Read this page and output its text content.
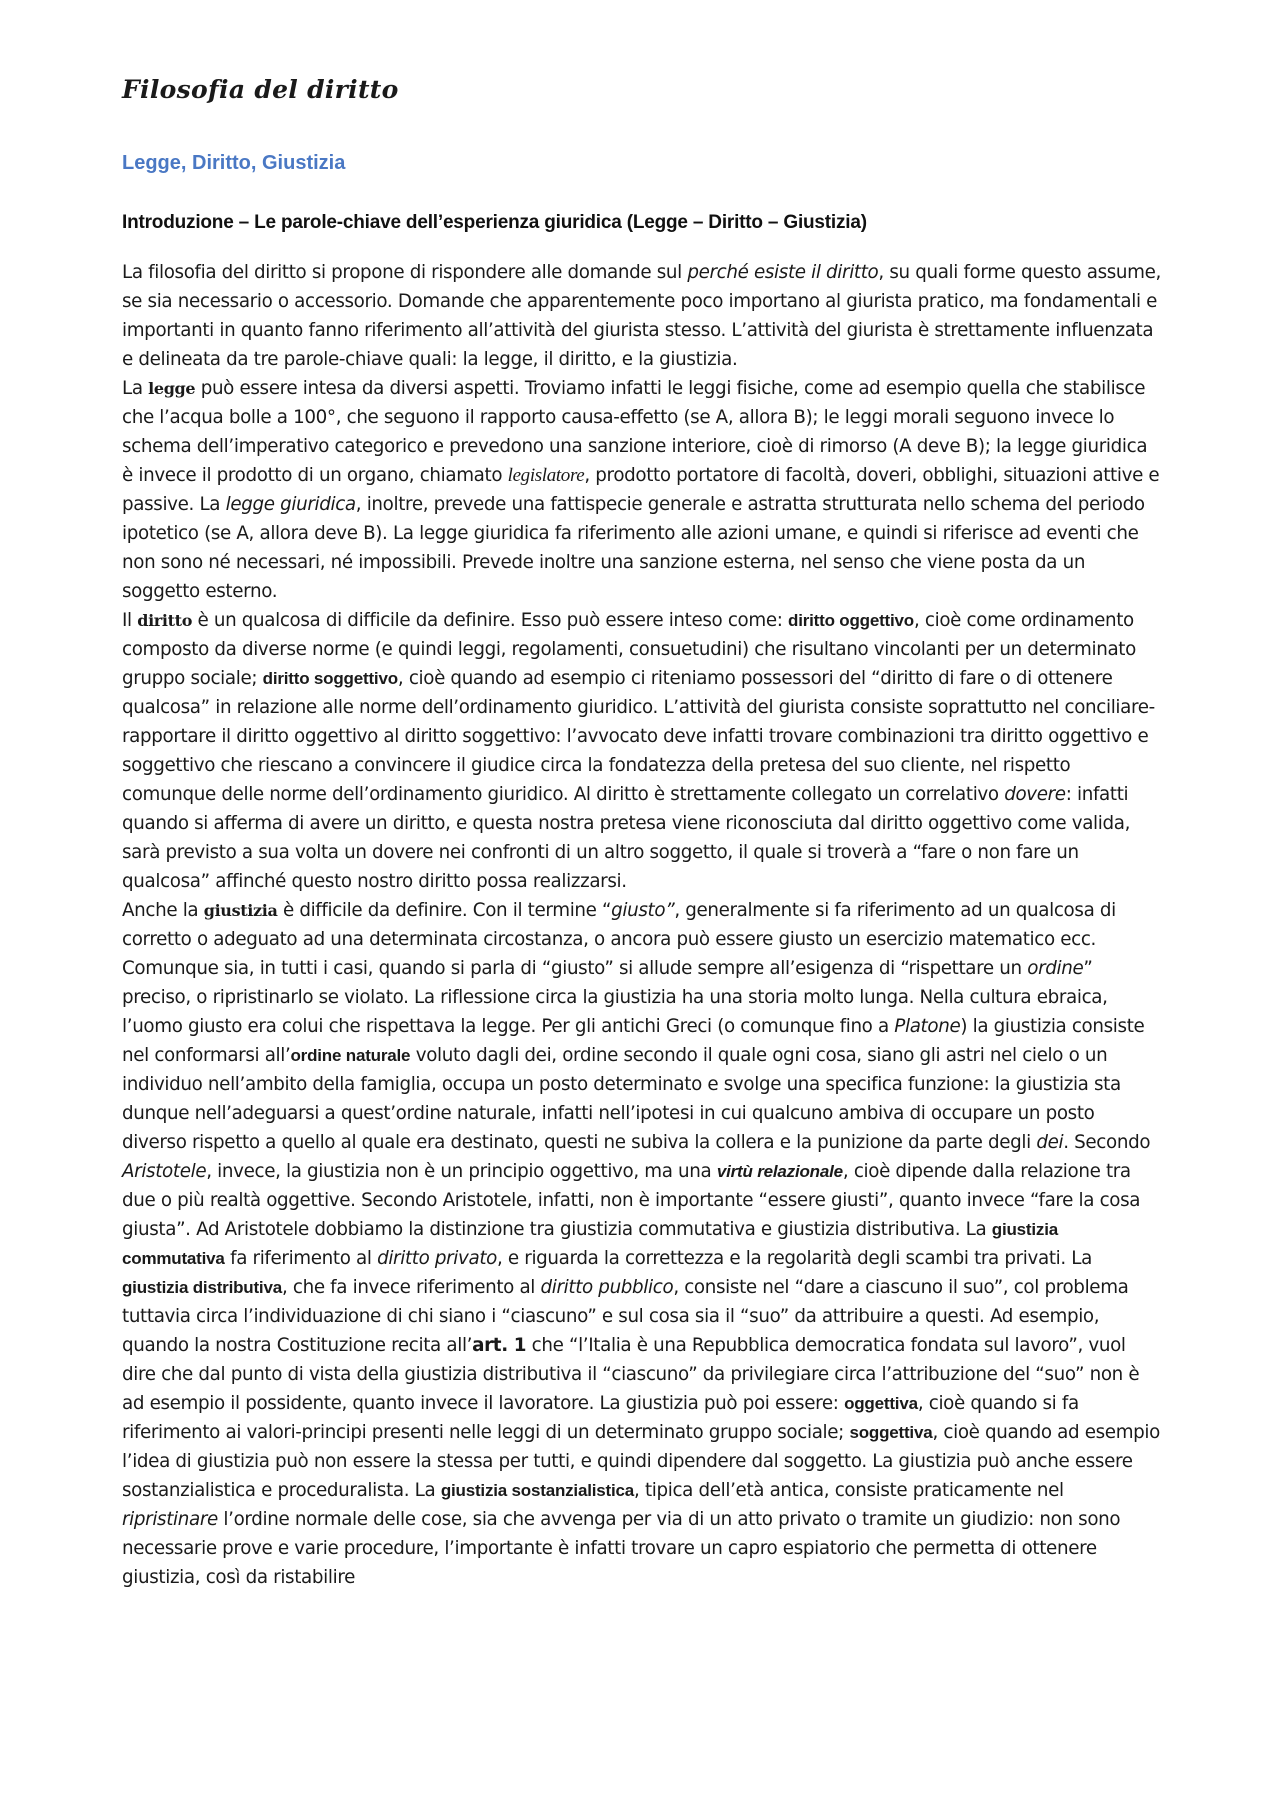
Filosofia del diritto
Legge, Diritto, Giustizia
Introduzione – Le parole-chiave dell’esperienza giuridica (Legge – Diritto – Giustizia)

La filosofia del diritto si propone di rispondere alle domande sul perché esiste il diritto, su quali forme questo assume, se sia necessario o accessorio. Domande che apparentemente poco importano al giurista pratico, ma fondamentali e importanti in quanto fanno riferimento all’attività del giurista stesso. L’attività del giurista è strettamente influenzata e delineata da tre parole-chiave quali: la legge, il diritto, e la giustizia.

La legge può essere intesa da diversi aspetti. Troviamo infatti le leggi fisiche, come ad esempio quella che stabilisce che l’acqua bolle a 100°, che seguono il rapporto causa-effetto (se A, allora B); le leggi morali seguono invece lo schema dell’imperativo categorico e prevedono una sanzione interiore, cioè di rimorso (A deve B); la legge giuridica è invece il prodotto di un organo, chiamato legislatore, prodotto portatore di facoltà, doveri, obblighi, situazioni attive e passive. La legge giuridica, inoltre, prevede una fattispecie generale e astratta strutturata nello schema del periodo ipotetico (se A, allora deve B). La legge giuridica fa riferimento alle azioni umane, e quindi si riferisce ad eventi che non sono né necessari, né impossibili. Prevede inoltre una sanzione esterna, nel senso che viene posta da un soggetto esterno.

Il diritto è un qualcosa di difficile da definire. Esso può essere inteso come: diritto oggettivo, cioè come ordinamento composto da diverse norme (e quindi leggi, regolamenti, consuetudini) che risultano vincolanti per un determinato gruppo sociale; diritto soggettivo, cioè quando ad esempio ci riteniamo possessori del “diritto di fare o di ottenere qualcosa” in relazione alle norme dell’ordinamento giuridico. L’attività del giurista consiste soprattutto nel conciliare-rapportare il diritto oggettivo al diritto soggettivo: l’avvocato deve infatti trovare combinazioni tra diritto oggettivo e soggettivo che riescano a convincere il giudice circa la fondatezza della pretesa del suo cliente, nel rispetto comunque delle norme dell’ordinamento giuridico. Al diritto è strettamente collegato un correlativo dovere: infatti quando si afferma di avere un diritto, e questa nostra pretesa viene riconosciuta dal diritto oggettivo come valida, sarà previsto a sua volta un dovere nei confronti di un altro soggetto, il quale si troverà a “fare o non fare un qualcosa” affinché questo nostro diritto possa realizzarsi.

Anche la giustizia è difficile da definire. Con il termine “giusto”, generalmente si fa riferimento ad un qualcosa di corretto o adeguato ad una determinata circostanza, o ancora può essere giusto un esercizio matematico ecc. Comunque sia, in tutti i casi, quando si parla di “giusto” si allude sempre all’esigenza di “rispettare un ordine” preciso, o ripristinarlo se violato. La riflessione circa la giustizia ha una storia molto lunga. Nella cultura ebraica, l’uomo giusto era colui che rispettava la legge. Per gli antichi Greci (o comunque fino a Platone) la giustizia consiste nel conformarsi all’ordine naturale voluto dagli dei, ordine secondo il quale ogni cosa, siano gli astri nel cielo o un individuo nell’ambito della famiglia, occupa un posto determinato e svolge una specifica funzione: la giustizia sta dunque nell’adeguarsi a quest’ordine naturale, infatti nell’ipotesi in cui qualcuno ambiva di occupare un posto diverso rispetto a quello al quale era destinato, questi ne subiva la collera e la punizione da parte degli dei. Secondo Aristotele, invece, la giustizia non è un principio oggettivo, ma una virtù relazionale, cioè dipende dalla relazione tra due o più realtà oggettive. Secondo Aristotele, infatti, non è importante “essere giusti”, quanto invece “fare la cosa giusta”. Ad Aristotele dobbiamo la distinzione tra giustizia commutativa e giustizia distributiva. La giustizia commutativa fa riferimento al diritto privato, e riguarda la correttezza e la regolarità degli scambi tra privati. La giustizia distributiva, che fa invece riferimento al diritto pubblico, consiste nel “dare a ciascuno il suo”, col problema tuttavia circa l’individuazione di chi siano i “ciascuno” e sul cosa sia il “suo” da attribuire a questi. Ad esempio, quando la nostra Costituzione recita all’art. 1 che “l’Italia è una Repubblica democratica fondata sul lavoro”, vuol dire che dal punto di vista della giustizia distributiva il “ciascuno” da privilegiare circa l’attribuzione del “suo” non è ad esempio il possidente, quanto invece il lavoratore. La giustizia può poi essere: oggettiva, cioè quando si fa riferimento ai valori-principi presenti nelle leggi di un determinato gruppo sociale; soggettiva, cioè quando ad esempio l’idea di giustizia può non essere la stessa per tutti, e quindi dipendere dal soggetto. La giustizia può anche essere sostanzialistica e proceduralista. La giustizia sostanzialistica, tipica dell’età antica, consiste praticamente nel ripristinare l’ordine normale delle cose, sia che avvenga per via di un atto privato o tramite un giudizio: non sono necessarie prove e varie procedure, l’importante è infatti trovare un capro espiatorio che permetta di ottenere giustizia, così da ristabilire
